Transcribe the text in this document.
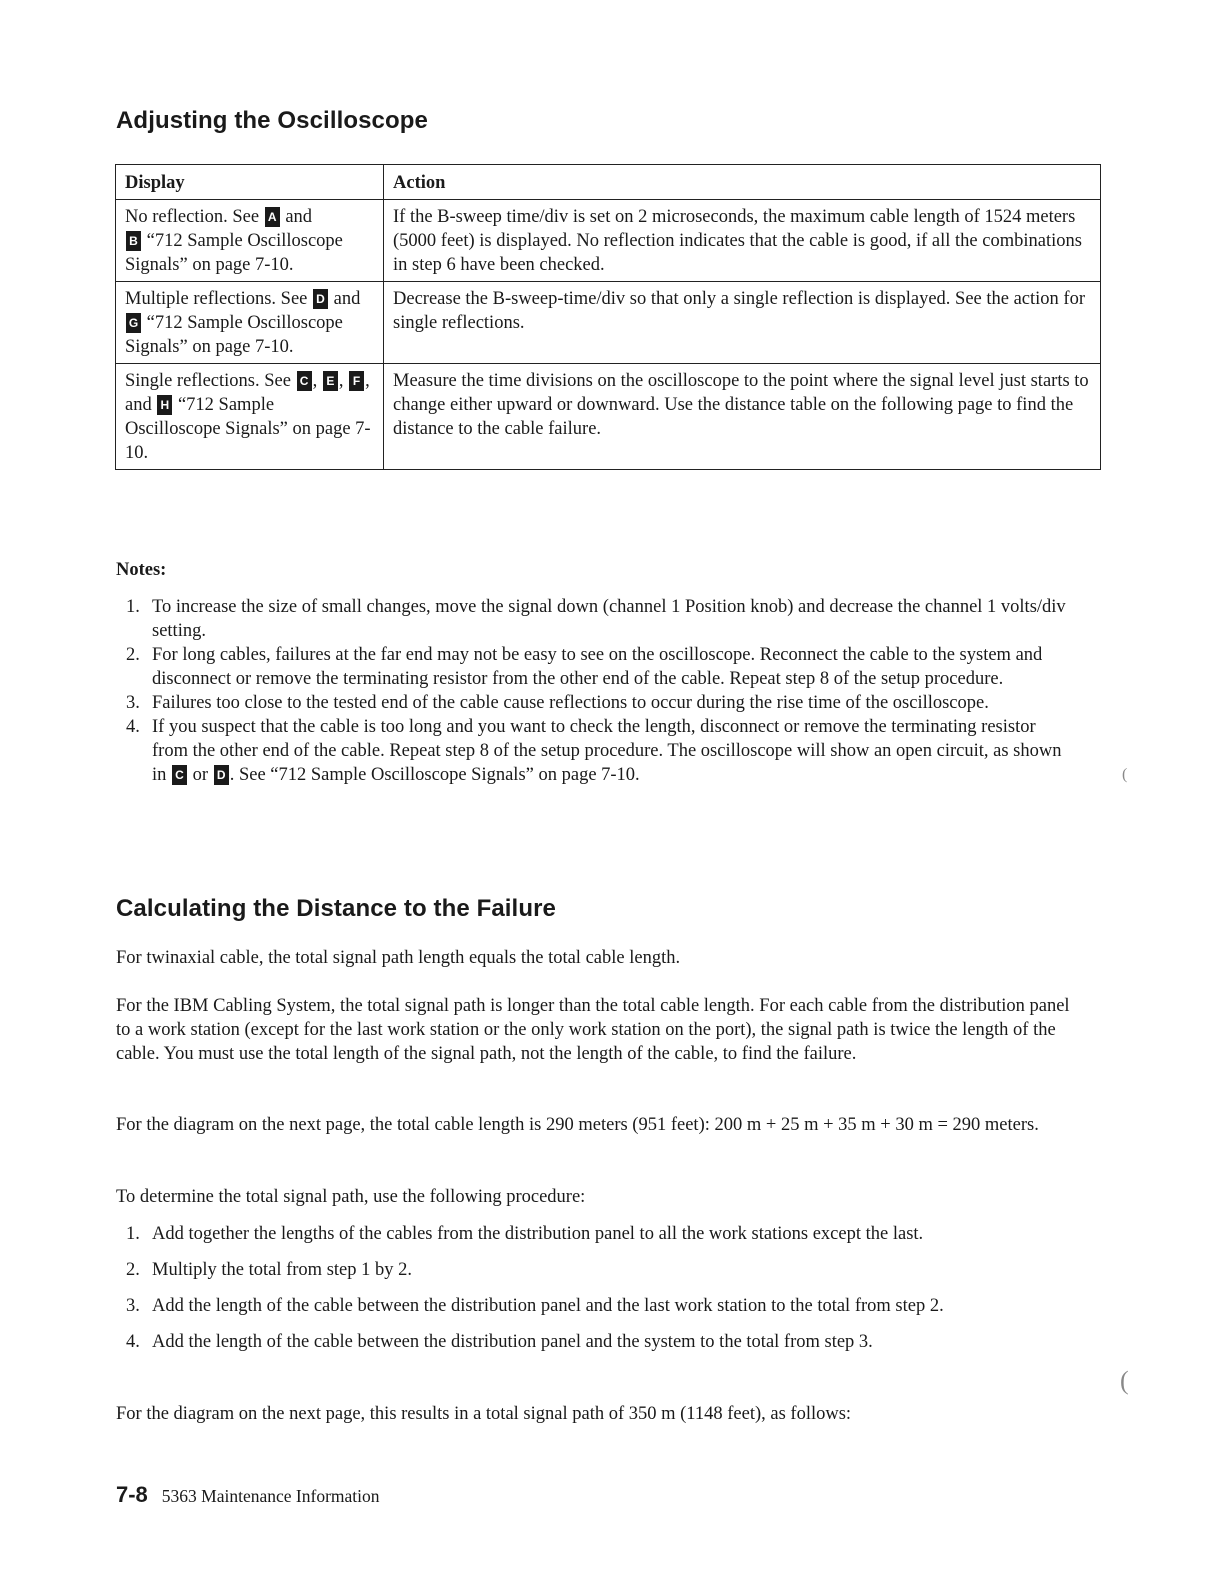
Adjusting the Oscilloscope
Display	Action
No reflection. See A and
B “712 Sample Oscilloscope Signals” on page 7-10.	If the B-sweep time/div is set on 2 microseconds, the maximum cable length of 1524 meters (5000 feet) is displayed. No reflection indicates that the cable is good, if all the combinations in step 6 have been checked.
Multiple reflections. See D and G “712 Sample Oscilloscope Signals” on page 7-10.	Decrease the B-sweep-time/div so that only a single reflection is displayed. See the action for single reflections.
Single reflections. See C , E , F , and H “712 Sample Oscilloscope Signals” on page 7-10.	Measure the time divisions on the oscilloscope to the point where the signal level just starts to change either upward or downward. Use the distance table on the following page to find the distance to the cable failure.
Notes:
1. To increase the size of small changes, move the signal down (channel 1 Position knob) and decrease the channel 1 volts/div setting.
2. For long cables, failures at the far end may not be easy to see on the oscilloscope. Reconnect the cable to the system and disconnect or remove the terminating resistor from the other end of the cable. Repeat step 8 of the setup procedure.
3. Failures too close to the tested end of the cable cause reflections to occur during the rise time of the oscilloscope.
4. If you suspect that the cable is too long and you want to check the length, disconnect or remove the terminating resistor from the other end of the cable. Repeat step 8 of the setup procedure. The oscilloscope will show an open circuit, as shown in C or D . See “712 Sample Oscilloscope Signals” on page 7-10.
Calculating the Distance to the Failure

For twinaxial cable, the total signal path length equals the total cable length.

For the IBM Cabling System, the total signal path is longer than the total cable length. For each cable from the distribution panel to a work station (except for the last work station or the only work station on the port), the signal path is twice the length of the cable. You must use the total length of the signal path, not the length of the cable, to find the failure.

For the diagram on the next page, the total cable length is 290 meters (951 feet): 200 m + 25 m + 35 m + 30 m = 290 meters.

To determine the total signal path, use the following procedure:

1. Add together the lengths of the cables from the distribution panel to all the work stations except the last.
2. Multiply the total from step 1 by 2.
3. Add the length of the cable between the distribution panel and the last work station to the total from step 2.
4. Add the length of the cable between the distribution panel and the system to the total from step 3.

For the diagram on the next page, this results in a total signal path of 350 m (1148 feet), as follows:

7-8 5363 Maintenance Information
(
(
